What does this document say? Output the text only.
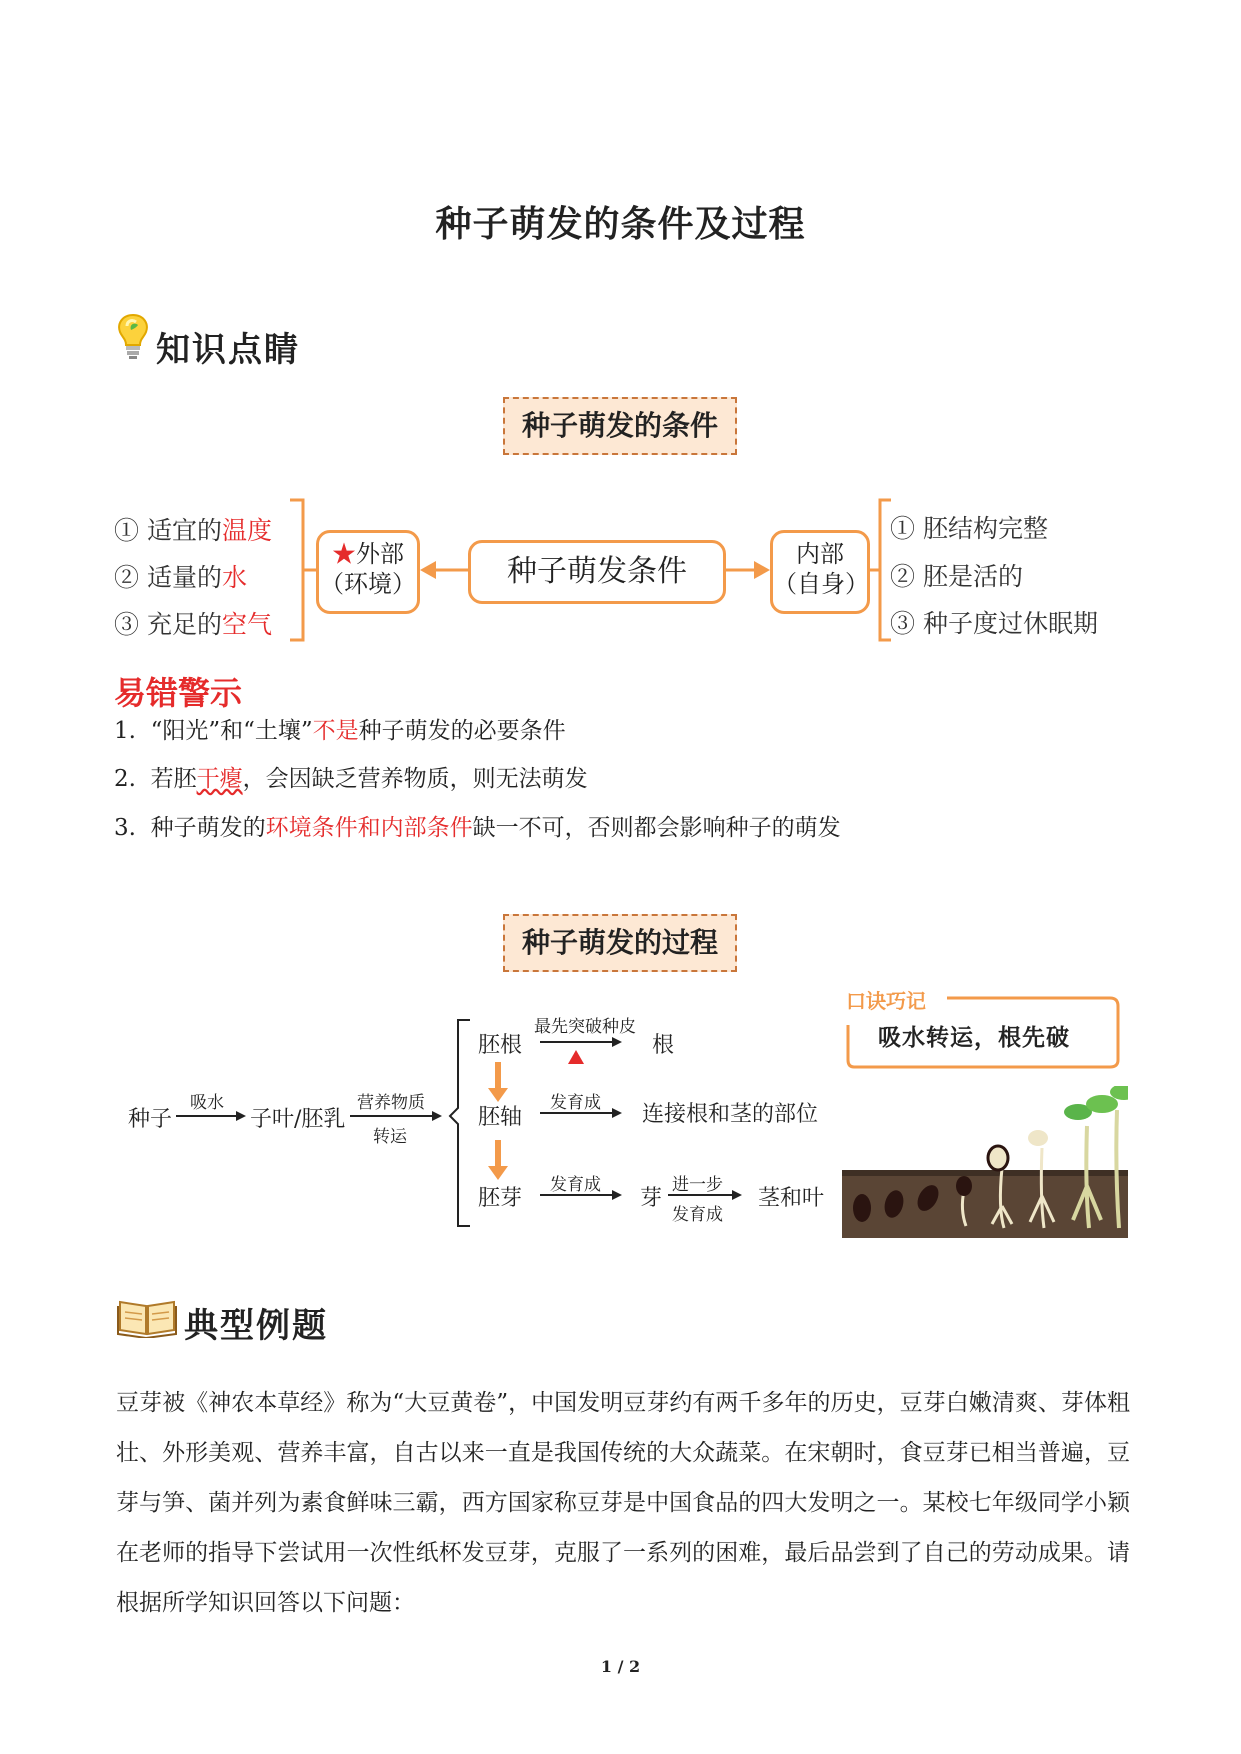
种子萌发的条件及过程
知识点睛
种子萌发的条件
① 适宜的温度
② 适量的水
③ 充足的空气
★外部
（环境）	种子萌发条件	内部
（自身）
① 胚结构完整
② 胚是活的
③ 种子度过休眠期
易错警示
1. “阳光”和“土壤”不是种子萌发的必要条件
2. 若胚干瘪，会因缺乏营养物质，则无法萌发
3. 种子萌发的环境条件和内部条件缺一不可，否则都会影响种子的萌发
种子萌发的过程
种子
吸水
子叶/胚乳
营养物质
转运
胚根
最先突破种皮
根
胚轴
发育成 连接根和茎的部位
胚芽
发育成
芽
进一步
发育成
茎和叶
口诀巧记
吸水转运，根先破
典型例题
豆芽被《神农本草经》称为“大豆黄卷”，中国发明豆芽约有两千多年的历史，豆芽白嫩清爽、芽体粗壮、外形美观、营养丰富，自古以来一直是我国传统的大众蔬菜。在宋朝时，食豆芽已相当普遍，豆芽与笋、菌并列为素食鲜味三霸，西方国家称豆芽是中国食品的四大发明之一。某校七年级同学小颖在老师的指导下尝试用一次性纸杯发豆芽，克服了一系列的困难，最后品尝到了自己的劳动成果。请根据所学知识回答以下问题：
1 / 2
